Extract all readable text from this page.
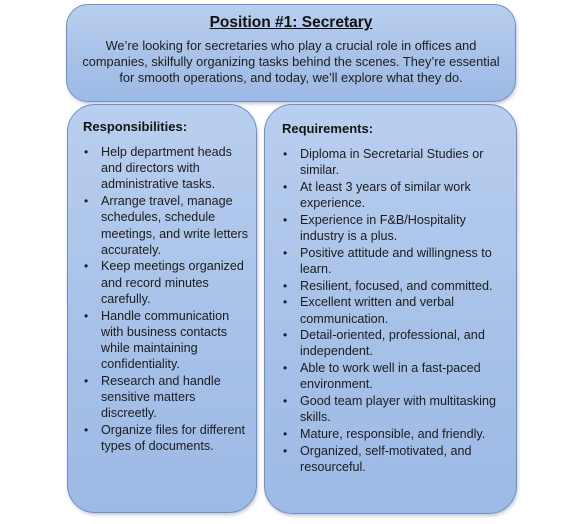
Position #1: Secretary
We’re looking for secretaries who play a crucial role in offices and companies, skilfully organizing tasks behind the scenes. They’re essential for smooth operations, and today, we’ll explore what they do.
Responsibilities:
• Help department heads and directors with administrative tasks.
• Arrange travel, manage schedules, schedule meetings, and write letters accurately.
• Keep meetings organized and record minutes carefully.
• Handle communication with business contacts while maintaining confidentiality.
• Research and handle sensitive matters discreetly.
• Organize files for different types of documents.
Requirements:
• Diploma in Secretarial Studies or similar.
• At least 3 years of similar work experience.
• Experience in F&B/Hospitality industry is a plus.
• Positive attitude and willingness to learn.
• Resilient, focused, and committed.
• Excellent written and verbal communication.
• Detail-oriented, professional, and independent.
• Able to work well in a fast-paced environment.
• Good team player with multitasking skills.
• Mature, responsible, and friendly.
• Organized, self-motivated, and resourceful.
